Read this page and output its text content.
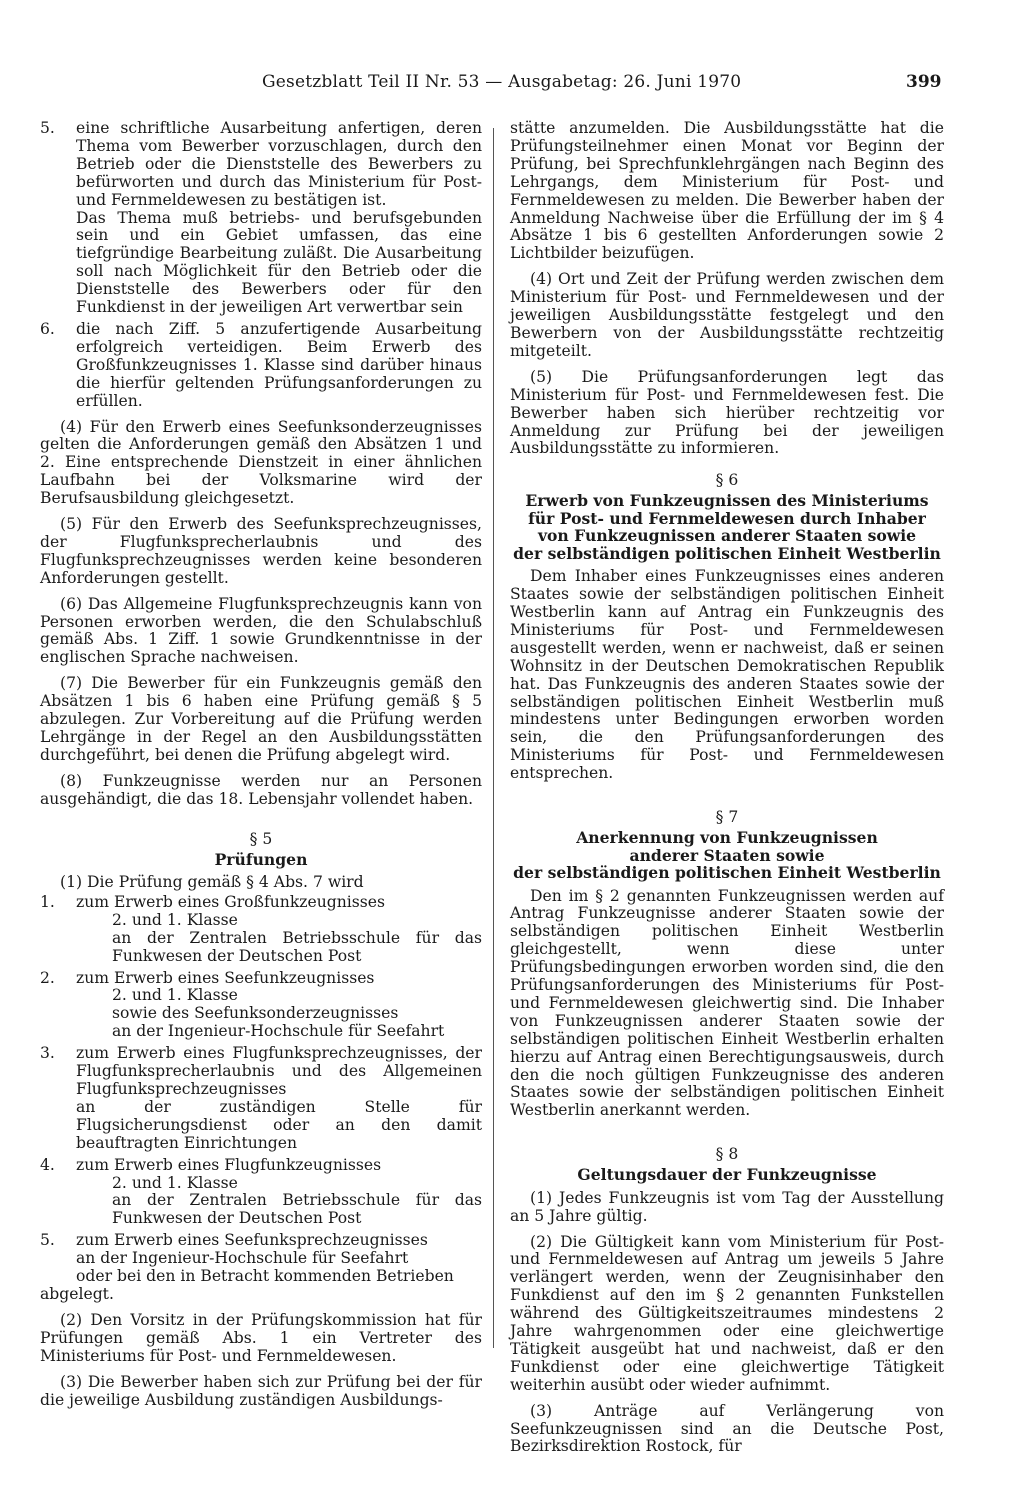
Gesetzblatt Teil II Nr. 53 — Ausgabetag: 26. Juni 1970	399
5. eine schriftliche Ausarbeitung anfertigen, deren Thema vom Bewerber vorzuschlagen, durch den Betrieb oder die Dienststelle des Bewerbers zu befürworten und durch das Ministerium für Post- und Fernmeldewesen zu bestätigen ist.

Das Thema muß betriebs- und berufsgebunden sein und ein Gebiet umfassen, das eine tiefgründige Bearbeitung zuläßt. Die Ausarbeitung soll nach Möglichkeit für den Betrieb oder die Dienststelle des Bewerbers oder für den Funkdienst in der jeweiligen Art verwertbar sein

6. die nach Ziff. 5 anzufertigende Ausarbeitung erfolgreich verteidigen. Beim Erwerb des Großfunkzeugnisses 1. Klasse sind darüber hinaus die hierfür geltenden Prüfungsanforderungen zu erfüllen.

(4) Für den Erwerb eines Seefunksonderzeugnisses gelten die Anforderungen gemäß den Absätzen 1 und 2. Eine entsprechende Dienstzeit in einer ähnlichen Laufbahn bei der Volksmarine wird der Berufsausbildung gleichgesetzt.

(5) Für den Erwerb des Seefunksprechzeugnisses, der Flugfunksprecherlaubnis und des Flugfunksprechzeugnisses werden keine besonderen Anforderungen gestellt.

(6) Das Allgemeine Flugfunksprechzeugnis kann von Personen erworben werden, die den Schulabschluß gemäß Abs. 1 Ziff. 1 sowie Grundkenntnisse in der englischen Sprache nachweisen.

(7) Die Bewerber für ein Funkzeugnis gemäß den Absätzen 1 bis 6 haben eine Prüfung gemäß § 5 abzulegen. Zur Vorbereitung auf die Prüfung werden Lehrgänge in der Regel an den Ausbildungsstätten durchgeführt, bei denen die Prüfung abgelegt wird.

(8) Funkzeugnisse werden nur an Personen ausgehändigt, die das 18. Lebensjahr vollendet haben.

§ 5
Prüfungen

(1) Die Prüfung gemäß § 4 Abs. 7 wird

1. zum Erwerb eines Großfunkzeugnisses

2. und 1. Klasse

an der Zentralen Betriebsschule für das Funkwesen der Deutschen Post

2. zum Erwerb eines Seefunkzeugnisses

2. und 1. Klasse

sowie des Seefunksonderzeugnisses

an der Ingenieur-Hochschule für Seefahrt

3. zum Erwerb eines Flugfunksprechzeugnisses, der Flugfunksprecherlaubnis und des Allgemeinen Flugfunksprechzeugnisses

an der zuständigen Stelle für Flugsicherungsdienst oder an den damit beauftragten Einrichtungen

4. zum Erwerb eines Flugfunkzeugnisses

2. und 1. Klasse

an der Zentralen Betriebsschule für das Funkwesen der Deutschen Post

5. zum Erwerb eines Seefunksprechzeugnisses

an der Ingenieur-Hochschule für Seefahrt

oder bei den in Betracht kommenden Betrieben

abgelegt.

(2) Den Vorsitz in der Prüfungskommission hat für Prüfungen gemäß Abs. 1 ein Vertreter des Ministeriums für Post- und Fernmeldewesen.

(3) Die Bewerber haben sich zur Prüfung bei der für die jeweilige Ausbildung zuständigen Ausbildungs-

stätte anzumelden. Die Ausbildungsstätte hat die Prüfungsteilnehmer einen Monat vor Beginn der Prüfung, bei Sprechfunklehrgängen nach Beginn des Lehrgangs, dem Ministerium für Post- und Fernmeldewesen zu melden. Die Bewerber haben der Anmeldung Nachweise über die Erfüllung der im § 4 Absätze 1 bis 6 gestellten Anforderungen sowie 2 Lichtbilder beizufügen.

(4) Ort und Zeit der Prüfung werden zwischen dem Ministerium für Post- und Fernmeldewesen und der jeweiligen Ausbildungsstätte festgelegt und den Bewerbern von der Ausbildungsstätte rechtzeitig mitgeteilt.

(5) Die Prüfungsanforderungen legt das Ministerium für Post- und Fernmeldewesen fest. Die Bewerber haben sich hierüber rechtzeitig vor Anmeldung zur Prüfung bei der jeweiligen Ausbildungsstätte zu informieren.

§ 6
Erwerb von Funkzeugnissen des Ministeriums
für Post- und Fernmeldewesen durch Inhaber
von Funkzeugnissen anderer Staaten sowie
der selbständigen politischen Einheit Westberlin

Dem Inhaber eines Funkzeugnisses eines anderen Staates sowie der selbständigen politischen Einheit Westberlin kann auf Antrag ein Funkzeugnis des Ministeriums für Post- und Fernmeldewesen ausgestellt werden, wenn er nachweist, daß er seinen Wohnsitz in der Deutschen Demokratischen Republik hat. Das Funkzeugnis des anderen Staates sowie der selbständigen politischen Einheit Westberlin muß mindestens unter Bedingungen erworben worden sein, die den Prüfungsanforderungen des Ministeriums für Post- und Fernmeldewesen entsprechen.

§ 7
Anerkennung von Funkzeugnissen
anderer Staaten sowie
der selbständigen politischen Einheit Westberlin

Den im § 2 genannten Funkzeugnissen werden auf Antrag Funkzeugnisse anderer Staaten sowie der selbständigen politischen Einheit Westberlin gleichgestellt, wenn diese unter Prüfungsbedingungen erworben worden sind, die den Prüfungsanforderungen des Ministeriums für Post- und Fernmeldewesen gleichwertig sind. Die Inhaber von Funkzeugnissen anderer Staaten sowie der selbständigen politischen Einheit Westberlin erhalten hierzu auf Antrag einen Berechtigungsausweis, durch den die noch gültigen Funkzeugnisse des anderen Staates sowie der selbständigen politischen Einheit Westberlin anerkannt werden.

§ 8
Geltungsdauer der Funkzeugnisse

(1) Jedes Funkzeugnis ist vom Tag der Ausstellung an 5 Jahre gültig.

(2) Die Gültigkeit kann vom Ministerium für Post- und Fernmeldewesen auf Antrag um jeweils 5 Jahre verlängert werden, wenn der Zeugnisinhaber den Funkdienst auf den im § 2 genannten Funkstellen während des Gültigkeitszeitraumes mindestens 2 Jahre wahrgenommen oder eine gleichwertige Tätigkeit ausgeübt hat und nachweist, daß er den Funkdienst oder eine gleichwertige Tätigkeit weiterhin ausübt oder wieder aufnimmt.

(3) Anträge auf Verlängerung von Seefunkzeugnissen sind an die Deutsche Post, Bezirksdirektion Rostock, für
